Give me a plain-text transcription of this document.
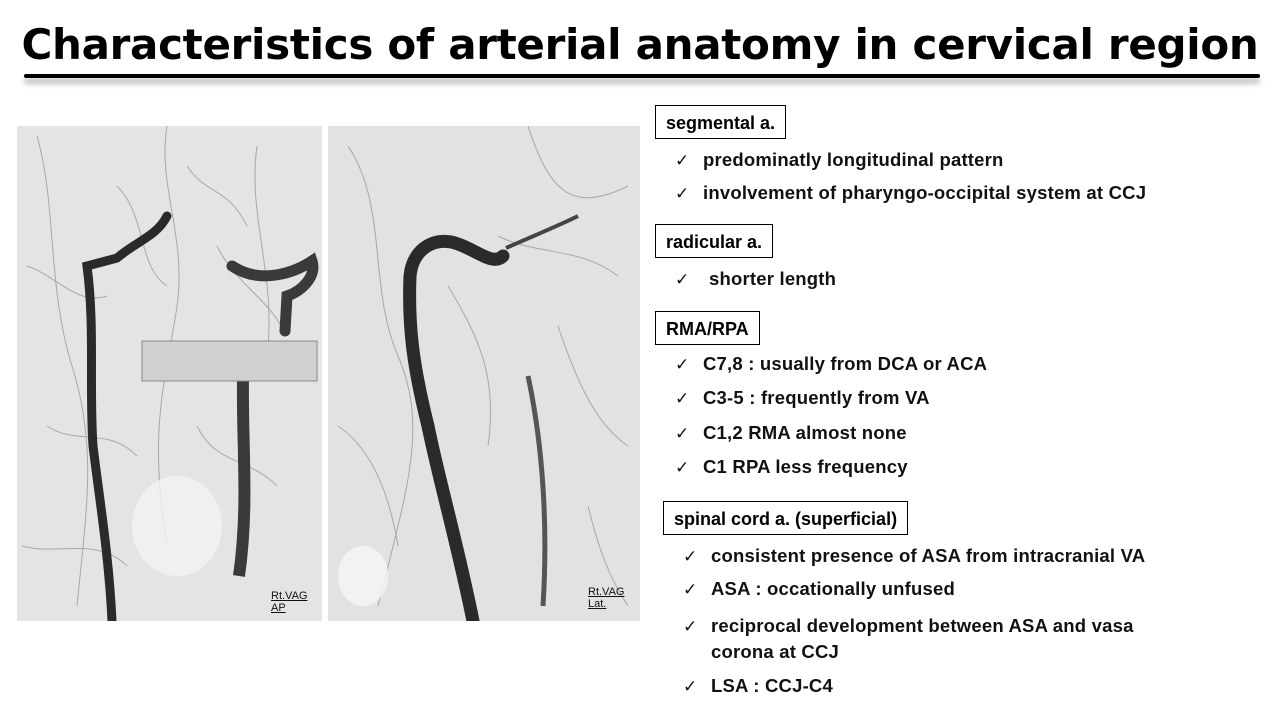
Characteristics of arterial anatomy in cervical region
Rt.VAG
AP
Rt.VAG
Lat.
segmental a.
✓ predominatly longitudinal pattern
✓ involvement of pharyngo-occipital system at CCJ
radicular a.
✓ shorter length
RMA/RPA
✓ C7,8 : usually from DCA or ACA
✓ C3-5 : frequently from VA
✓ C1,2 RMA almost none
✓ C1 RPA less frequency
spinal cord a. (superficial)
✓ consistent presence of ASA from intracranial VA
✓ ASA : occationally unfused
✓ reciprocal development between ASA and vasa
corona at CCJ
✓ LSA : CCJ-C4
